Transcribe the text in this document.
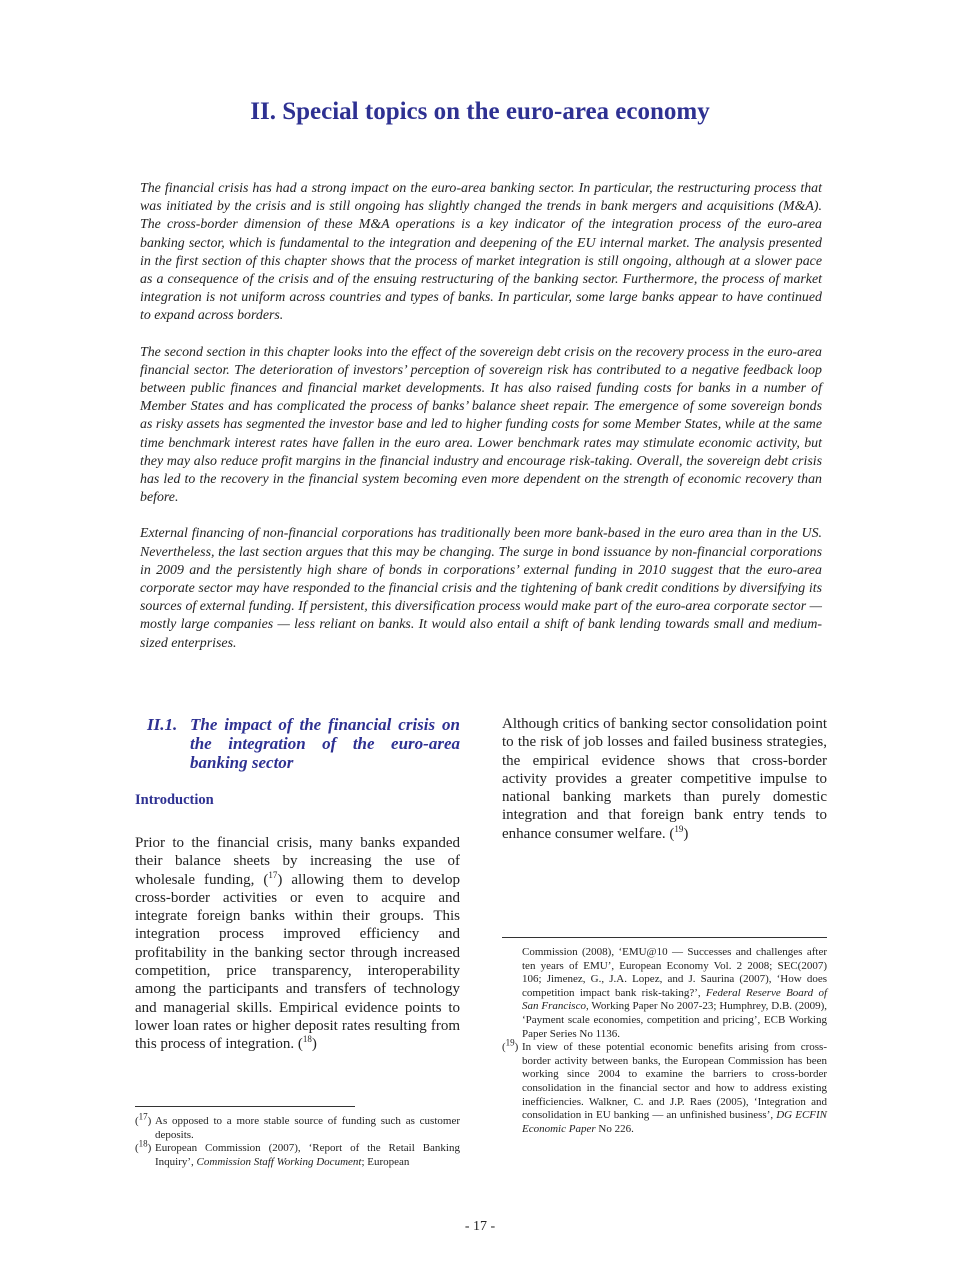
II. Special topics on the euro-area economy

The financial crisis has had a strong impact on the euro-area banking sector. In particular, the restructuring process that was initiated by the crisis and is still ongoing has slightly changed the trends in bank mergers and acquisitions (M&A). The cross-border dimension of these M&A operations is a key indicator of the integration process of the euro-area banking sector, which is fundamental to the integration and deepening of the EU internal market. The analysis presented in the first section of this chapter shows that the process of market integration is still ongoing, although at a slower pace as a consequence of the crisis and of the ensuing restructuring of the banking sector. Furthermore, the process of market integration is not uniform across countries and types of banks. In particular, some large banks appear to have continued to expand across borders.

The second section in this chapter looks into the effect of the sovereign debt crisis on the recovery process in the euro-area financial sector. The deterioration of investors’ perception of sovereign risk has contributed to a negative feedback loop between public finances and financial market developments. It has also raised funding costs for banks in a number of Member States and has complicated the process of banks’ balance sheet repair. The emergence of some sovereign bonds as risky assets has segmented the investor base and led to higher funding costs for some Member States, while at the same time benchmark interest rates have fallen in the euro area. Lower benchmark rates may stimulate economic activity, but they may also reduce profit margins in the financial industry and encourage risk-taking. Overall, the sovereign debt crisis has led to the recovery in the financial system becoming even more dependent on the strength of economic recovery than before.

External financing of non-financial corporations has traditionally been more bank-based in the euro area than in the US. Nevertheless, the last section argues that this may be changing. The surge in bond issuance by non-financial corporations in 2009 and the persistently high share of bonds in corporations’ external funding in 2010 suggest that the euro-area corporate sector may have responded to the financial crisis and the tightening of bank credit conditions by diversifying its sources of external funding. If persistent, this diversification process would make part of the euro-area corporate sector — mostly large companies — less reliant on banks. It would also entail a shift of bank lending towards small and medium-sized enterprises.

II.1. The impact of the financial crisis on the integration of the euro-area banking sector
Introduction

Prior to the financial crisis, many banks expanded their balance sheets by increasing the use of wholesale funding, ($^{17}$) allowing them to develop cross-border activities or even to acquire and integrate foreign banks within their groups. This integration process improved efficiency and profitability in the banking sector through increased competition, price transparency, interoperability among the participants and transfers of technology and managerial skills. Empirical evidence points to lower loan rates or higher deposit rates resulting from this process of integration. ($^{18}$)

Although critics of banking sector consolidation point to the risk of job losses and failed business strategies, the empirical evidence shows that cross-border activity provides a greater competitive impulse to national banking markets than purely domestic integration and that foreign bank entry tends to enhance consumer welfare. ($^{19}$)

($^{17}$) As opposed to a more stable source of funding such as customer deposits.
($^{18}$) European Commission (2007), ‘Report of the Retail Banking Inquiry’, Commission Staff Working Document; European

Commission (2008), ‘EMU@10 — Successes and challenges after ten years of EMU’, European Economy Vol. 2 2008; SEC(2007) 106; Jimenez, G., J.A. Lopez, and J. Saurina (2007), ‘How does competition impact bank risk-taking?’, Federal Reserve Board of San Francisco, Working Paper No 2007-23; Humphrey, D.B. (2009), ‘Payment scale economies, competition and pricing’, ECB Working Paper Series No 1136.

($^{19}$) In view of these potential economic benefits arising from cross-border activity between banks, the European Commission has been working since 2004 to examine the barriers to cross-border consolidation in the financial sector and how to address existing inefficiencies. Walkner, C. and J.P. Raes (2005), ‘Integration and consolidation in EU banking — an unfinished business’, DG ECFIN Economic Paper No 226.

- 17 -
